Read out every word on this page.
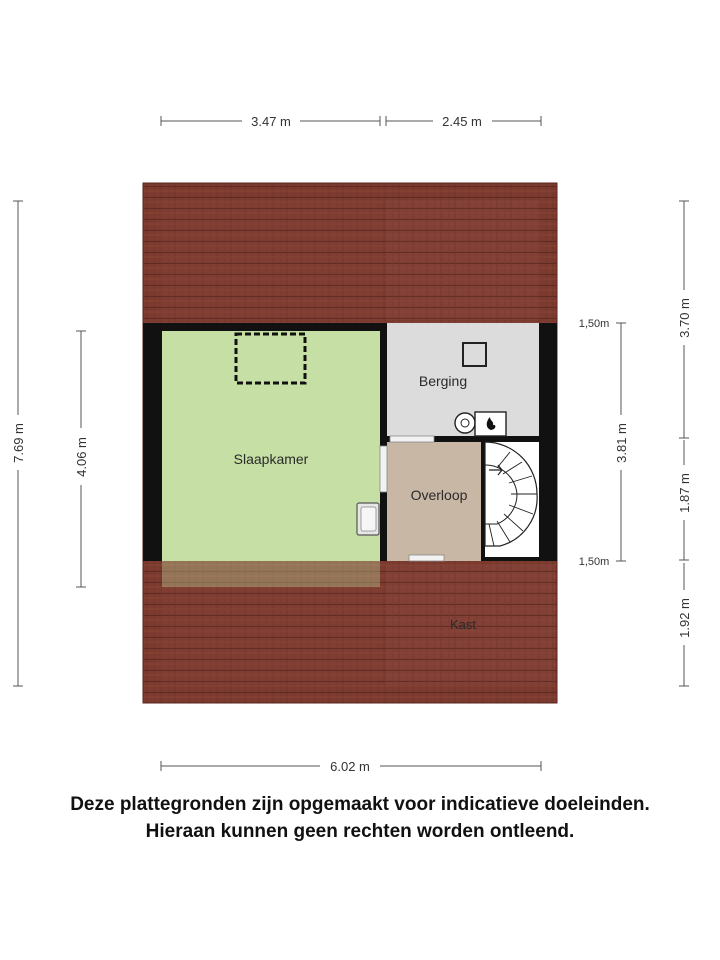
Slaapkamer
Berging
Overloop
Kast
3.47 m	2.45 m
6.02 m
7.69 m	4.06 m
3.70 m
1.87 m
1.92 m
3.81 m
1,50m
1,50m
Deze plattegronden zijn opgemaakt voor indicatieve doeleinden.
Hieraan kunnen geen rechten worden ontleend.
